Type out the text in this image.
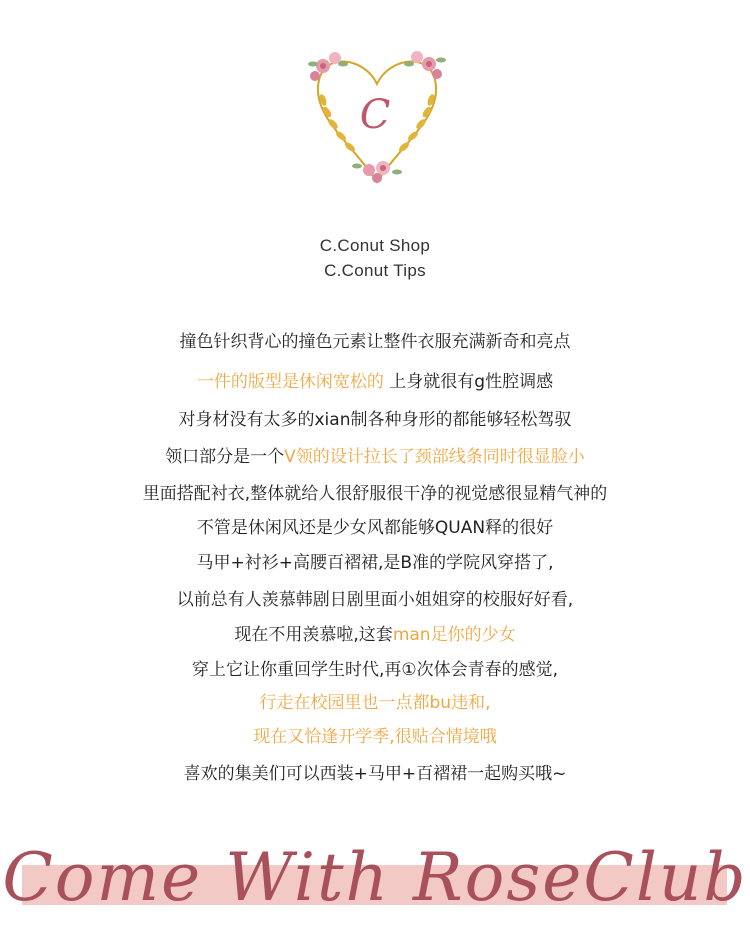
C
C.Conut Shop
C.Conut Tips
撞色针织背心的撞色元素让整件衣服充满新奇和亮点
一件的版型是休闲宽松的 上身就很有g性腔调感
对身材没有太多的xian制各种身形的都能够轻松驾驭
领口部分是一个V领的设计拉长了颈部线条同时很显脸小
里面搭配衬衣,整体就给人很舒服很干净的视觉感很显精气神的
不管是休闲风还是少女风都能够QUAN释的很好
马甲+衬衫+高腰百褶裙,是B准的学院风穿搭了,
以前总有人羡慕韩剧日剧里面小姐姐穿的校服好好看,
现在不用羡慕啦,这套man足你的少女
穿上它让你重回学生时代,再①次体会青春的感觉,
行走在校园里也一点都bu违和,
现在又恰逢开学季,很贴合情境哦
喜欢的集美们可以西装+马甲+百褶裙一起购买哦~
Come With RoseClub
